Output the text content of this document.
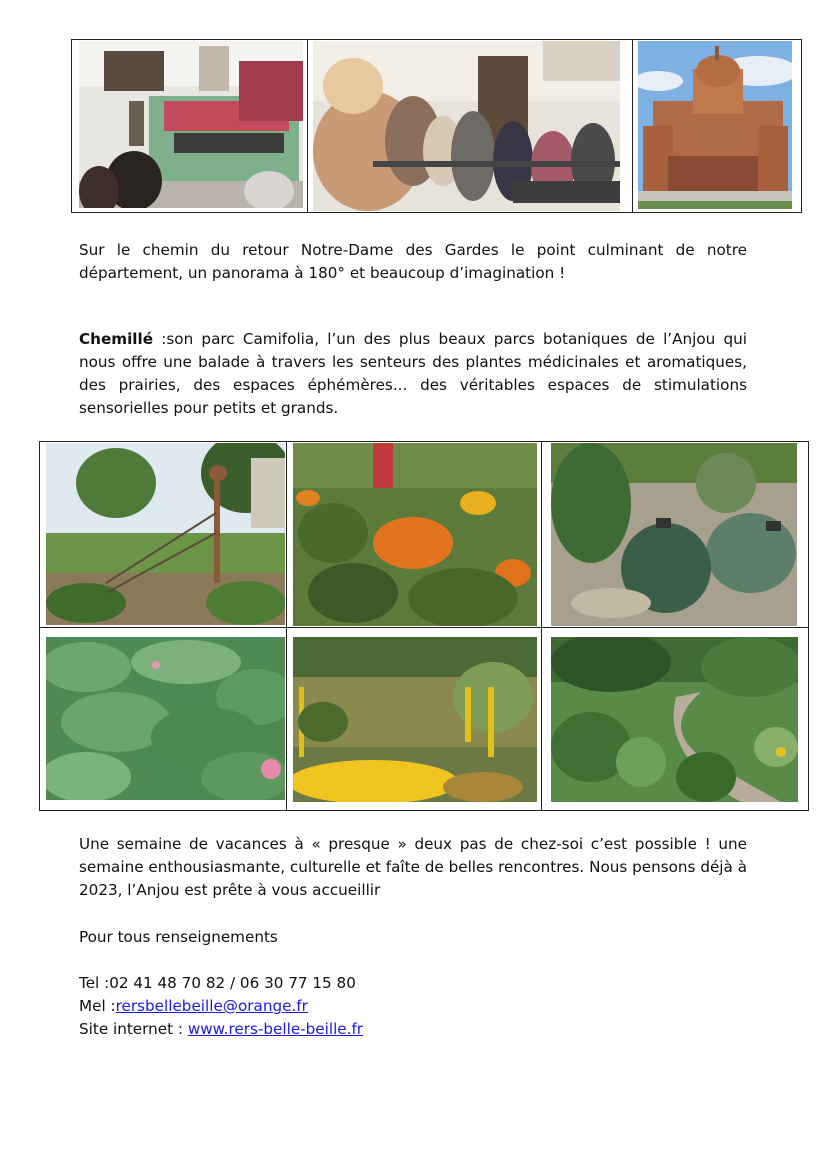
Sur le chemin du retour Notre-Dame des Gardes le point culminant de notre département, un panorama à 180° et beaucoup d’imagination !

Chemillé :son parc Camifolia, l’un des plus beaux parcs botaniques de l’Anjou qui nous offre une balade à travers les senteurs des plantes médicinales et aromatiques, des prairies, des espaces éphémères... des véritables espaces de stimulations sensorielles pour petits et grands.

Une semaine de vacances à « presque » deux pas de chez-soi c’est possible ! une semaine enthousiasmante, culturelle et faîte de belles rencontres. Nous pensons déjà à 2023, l’Anjou est prête à vous accueillir

Pour tous renseignements

Tel :02 41 48 70 82 / 06 30 77 15 80

Mel :rersbellebeille@orange.fr

Site internet : www.rers-belle-beille.fr
